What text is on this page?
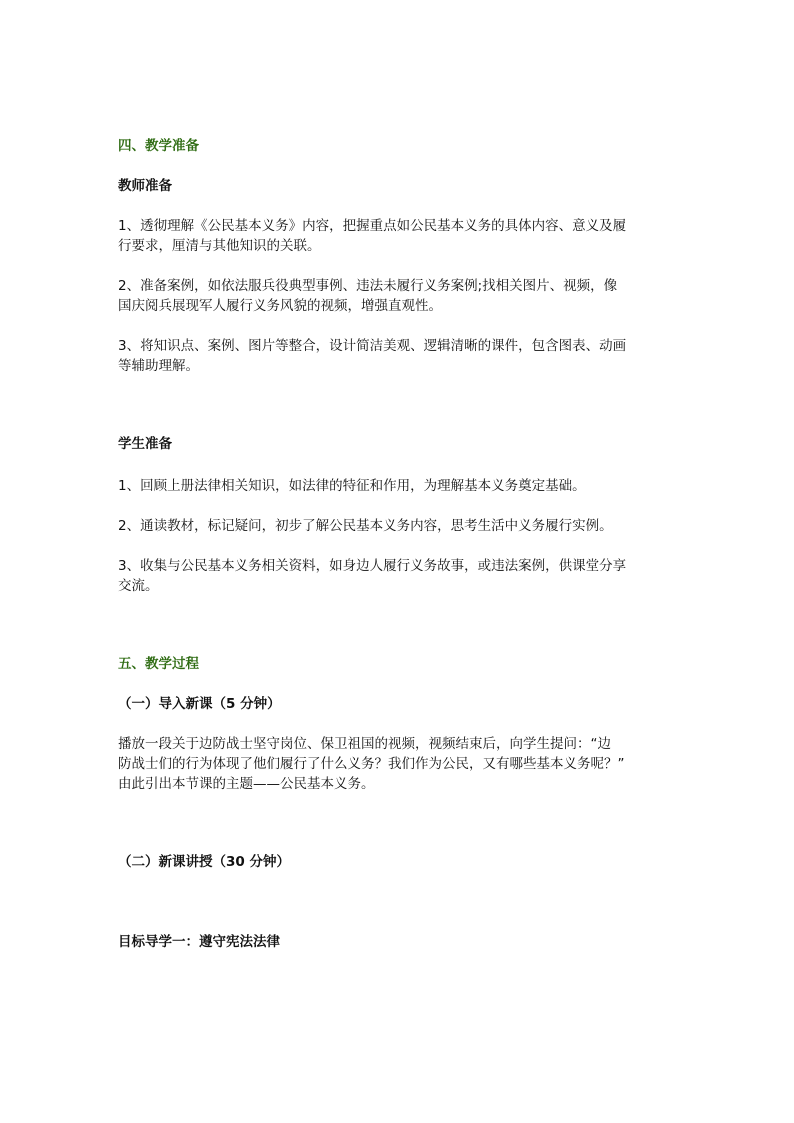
四、教学准备
教师准备
1、透彻理解《公民基本义务》内容，把握重点如公民基本义务的具体内容、意义及履
行要求，厘清与其他知识的关联。
2、准备案例，如依法服兵役典型事例、违法未履行义务案例;找相关图片、视频，像
国庆阅兵展现军人履行义务风貌的视频，增强直观性。
3、将知识点、案例、图片等整合，设计简洁美观、逻辑清晰的课件，包含图表、动画
等辅助理解。
学生准备
1、回顾上册法律相关知识，如法律的特征和作用，为理解基本义务奠定基础。
2、通读教材，标记疑问，初步了解公民基本义务内容，思考生活中义务履行实例。
3、收集与公民基本义务相关资料，如身边人履行义务故事，或违法案例，供课堂分享
交流。
五、教学过程
（一）导入新课（5 分钟）
播放一段关于边防战士坚守岗位、保卫祖国的视频，视频结束后，向学生提问：“边
防战士们的行为体现了他们履行了什么义务？我们作为公民，又有哪些基本义务呢？”
由此引出本节课的主题——公民基本义务。
（二）新课讲授（30 分钟）
目标导学一：遵守宪法法律
